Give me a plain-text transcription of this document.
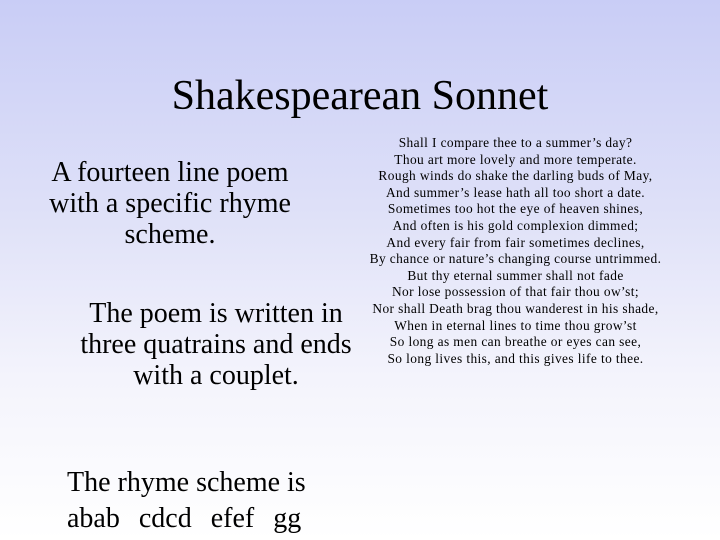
Shakespearean Sonnet
A fourteen line poem with a specific rhyme scheme.
The poem is written in three quatrains and ends with a couplet.
The rhyme scheme is
abab cdcd efef gg
Shall I compare thee to a summer’s day?
Thou art more lovely and more temperate.
Rough winds do shake the darling buds of May,
And summer’s lease hath all too short a date.
Sometimes too hot the eye of heaven shines,
And often is his gold complexion dimmed;
And every fair from fair sometimes declines,
By chance or nature’s changing course untrimmed.
But thy eternal summer shall not fade
Nor lose possession of that fair thou ow’st;
Nor shall Death brag thou wanderest in his shade,
When in eternal lines to time thou grow’st
So long as men can breathe or eyes can see,
So long lives this, and this gives life to thee.
